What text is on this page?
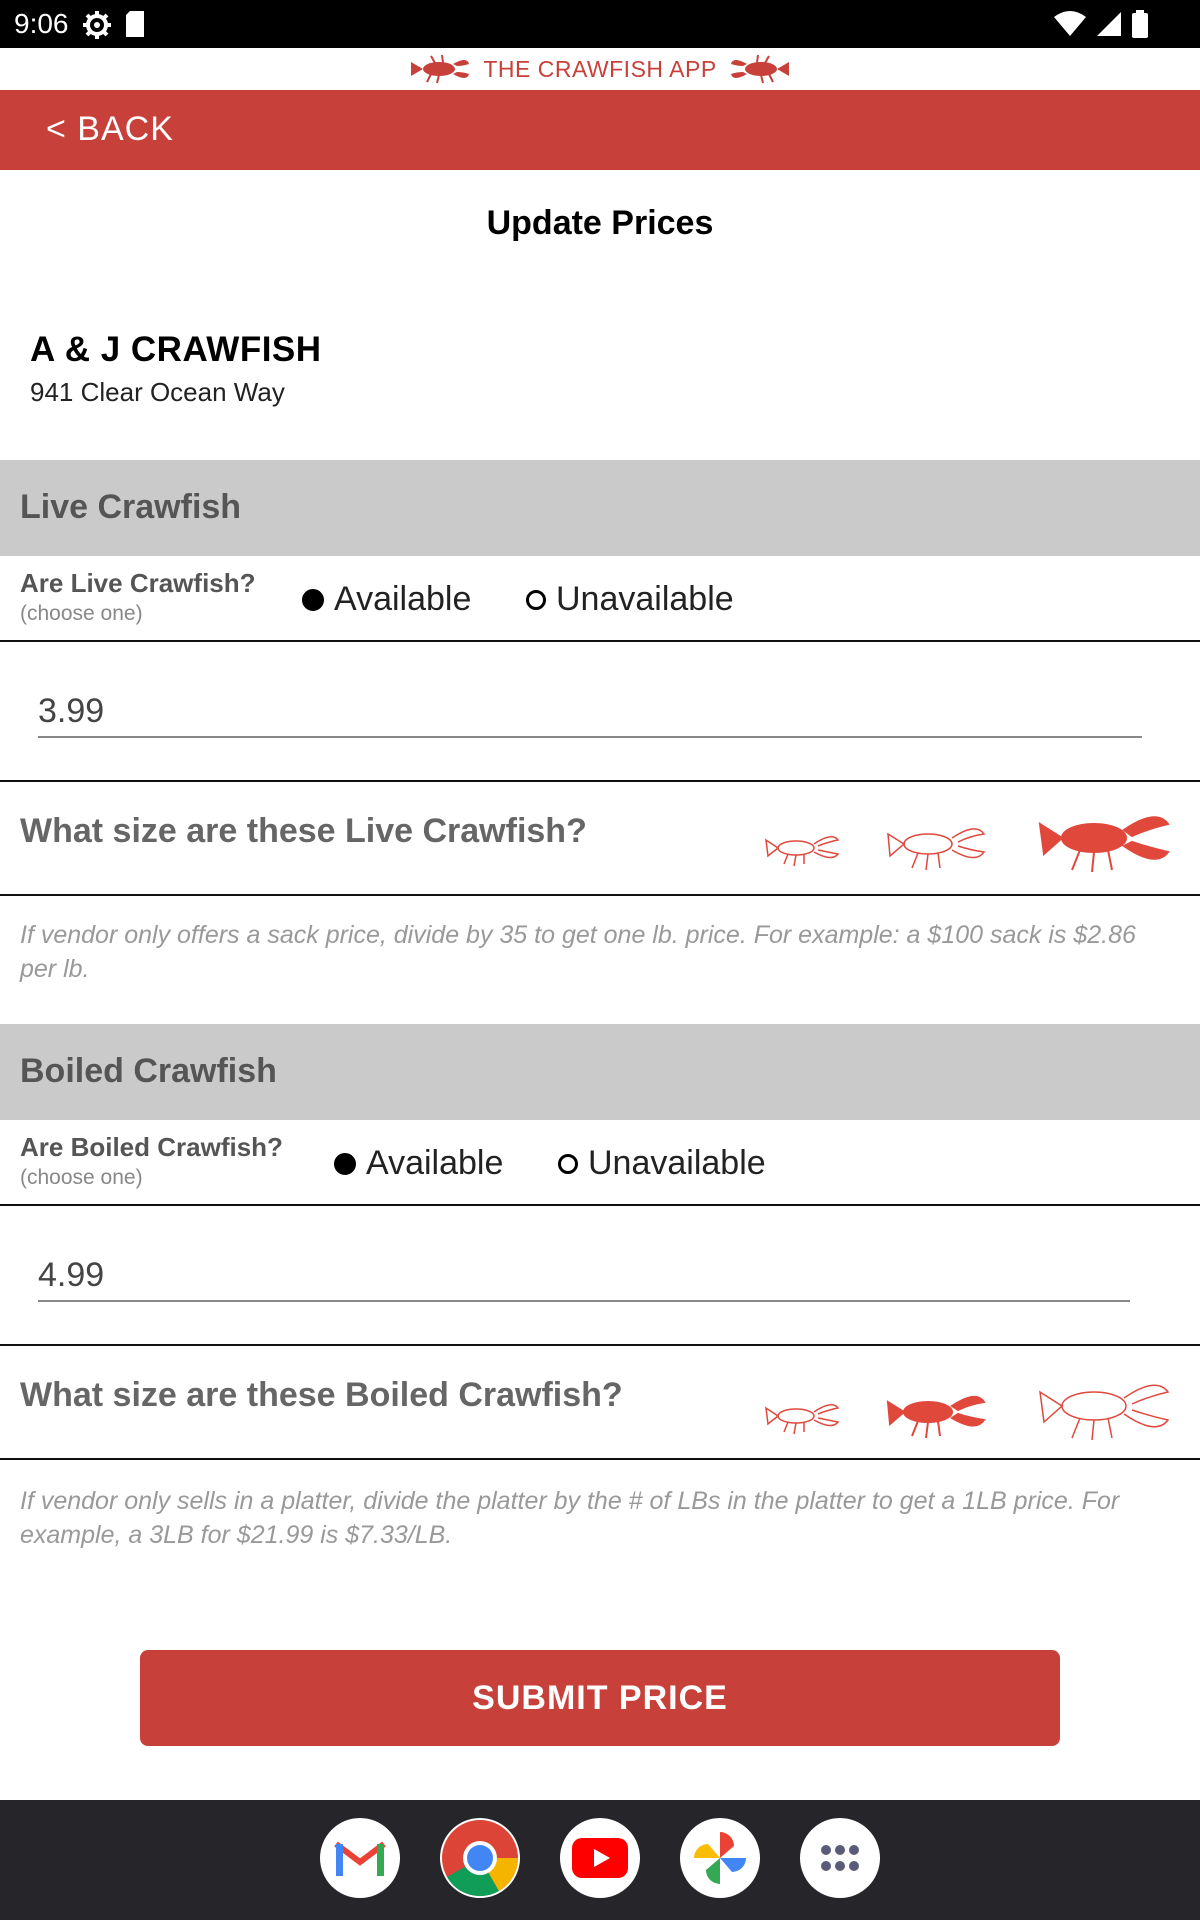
9:06
THE CRAWFISH APP
< BACK
Update Prices
A & J CRAWFISH
941 Clear Ocean Way
Live Crawfish
Are Live Crawfish?
(choose one)	Available Unavailable
3.99
What size are these Live Crawfish?
If vendor only offers a sack price, divide by 35 to get one lb. price. For example: a $100 sack is $2.86 per lb.
Boiled Crawfish
Are Boiled Crawfish?
(choose one)	Available Unavailable
4.99
What size are these Boiled Crawfish?
If vendor only sells in a platter, divide the platter by the # of LBs in the platter to get a 1LB price. For example, a 3LB for $21.99 is $7.33/LB.
SUBMIT PRICE
